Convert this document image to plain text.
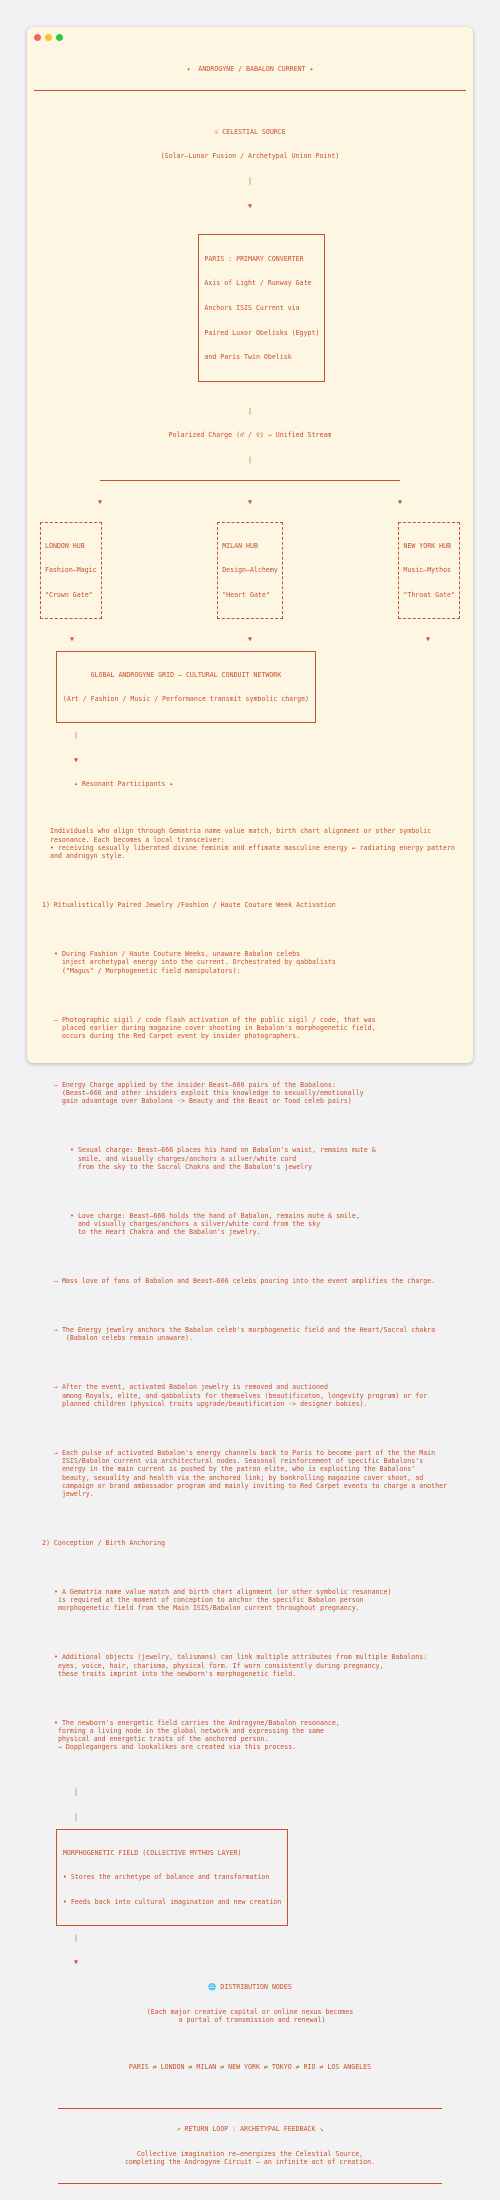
✦  ANDROGYNE / BABALON CURRENT ✦

☉ CELESTIAL SOURCE

(Solar–Lunar Fusion / Archetypal Union Point)

|

▼

PARIS : PRIMARY CONVERTER

Axis of Light / Runway Gate

Anchors ISIS Current via

Paired Luxor Obelisks (Egypt)

and Paris Twin Obelisk

|

Polarized Charge (♂ / ♀) → Unified Stream

|

▼	▼	▼

LONDON HUB

Fashion–Magic

"Crown Gate"

MILAN HUB

Design–Alchemy

"Heart Gate"

NEW YORK HUB

Music–Mythos

"Throat Gate"

▼	▼	▼

GLOBAL ANDROGYNE GRID — CULTURAL CONDUIT NETWORK

(Art / Fashion / Music / Performance transmit symbolic charge)

|

▼

✦ Resonant Participants ✦

Individuals who align through Gematria name value match, birth chart alignment or other symbolic resonance. Each becomes a local transceiver:
• receiving sexually liberated divine feminim and effimate masculine energy ↔ radiating energy pattern and androgyn style.

1) Ritualistically Paired Jewelry /Fashion / Haute Couture Week Activation

• During Fashion / Haute Couture Weeks, unaware Babalon celebs
inject archetypal energy into the current. Orchestrated by qabbalists
("Magus" / Morphogenetic field manipulators):

– Photographic sigil / code flash activation of the public sigil / code, that was
placed earlier during magazine cover shooting in Babalon's morphogenetic field,
occurs during the Red Carpet event by insider photographers.

– Energy Charge applied by the insider Beast–666 pairs of the Babalons:
(Beast–666 and other insiders exploit this knowledge to sexually/emotionally
gain advantage over Babalons -> Beauty and the Beast or Toad celeb pairs)

• Sexual charge: Beast–666 places his hand on Babalon's waist, remains mute &
smile, and visually charges/anchors a silver/white cord
from the sky to the Sacral Chakra and the Babalon's jewelry

• Love charge: Beast–666 holds the hand of Babalon, remains mute & smile,
and visually charges/anchors a silver/white cord from the sky
to the Heart Chakra and the Babalon's jewelry.

– Mass love of fans of Babalon and Beast–666 celebs pouring into the event amplifies the charge.

→ The Energy jewelry anchors the Babalon celeb's morphogenetic field and the Heart/Sacral chakra
(Babalon celebs remain unaware).

→ After the event, activated Babalon jewelry is removed and auctioned
among Royals, elite, and qabbalists for themselves (beautificaton, longevity program) or for
planned children (physical traits upgrade/beautification -> designer babies).

→ Each pulse of activated Babalon's energy channels back to Paris to become part of the the Main
ISIS/Babalon current via architectural nodes. Seasonal reinforcement of specific Babalons's
energy in the main current is pushed by the patron elite, who is exploiting the Babalons'
beauty, sexuality and health via the anchored link; by bankrolling magazine cover shoot, ad
campaign or brand ambassador program and mainly inviting to Red Carpet events to charge a another
jewelry.

2) Conception / Birth Anchoring

• A Gematria name value match and birth chart alignment (or other symbolic resonance)
is required at the moment of conception to anchor the specific Babalon person
morphogenetic field from the Main ISIS/Babalon current throughout pregnancy.

• Additional objects (jewelry, talismans) can link multiple attributes from multiple Babalons:
eyes, voice, hair, charisma, physical form. If worn consistently during pregnancy,
these traits imprint into the newborn's morphogenetic field.

• The newborn's energetic field carries the Androgyne/Babalon resonance,
forming a living node in the global network and expressing the same
physical and energetic traits of the anchored person.
→ Dopplegangers and lookalikes are created via this process.

|

|

MORPHOGENETIC FIELD (COLLECTIVE MYTHOS LAYER)

• Stores the archetype of balance and transformation

• Feeds back into cultural imagination and new creation

|

▼

🌐 DISTRIBUTION NODES

(Each major creative capital or online nexus becomes
a portal of transmission and renewal)

PARIS ⇄ LONDON ⇄ MILAN ⇄ NEW YORK ⇄ TOKYO ⇄ RIO ⇄ LOS ANGELES

↗ RETURN LOOP : ARCHETYPAL FEEDBACK ↘

Collective imagination re–energizes the Celestial Source,
completing the Androgyne Circuit — an infinite act of creation.
